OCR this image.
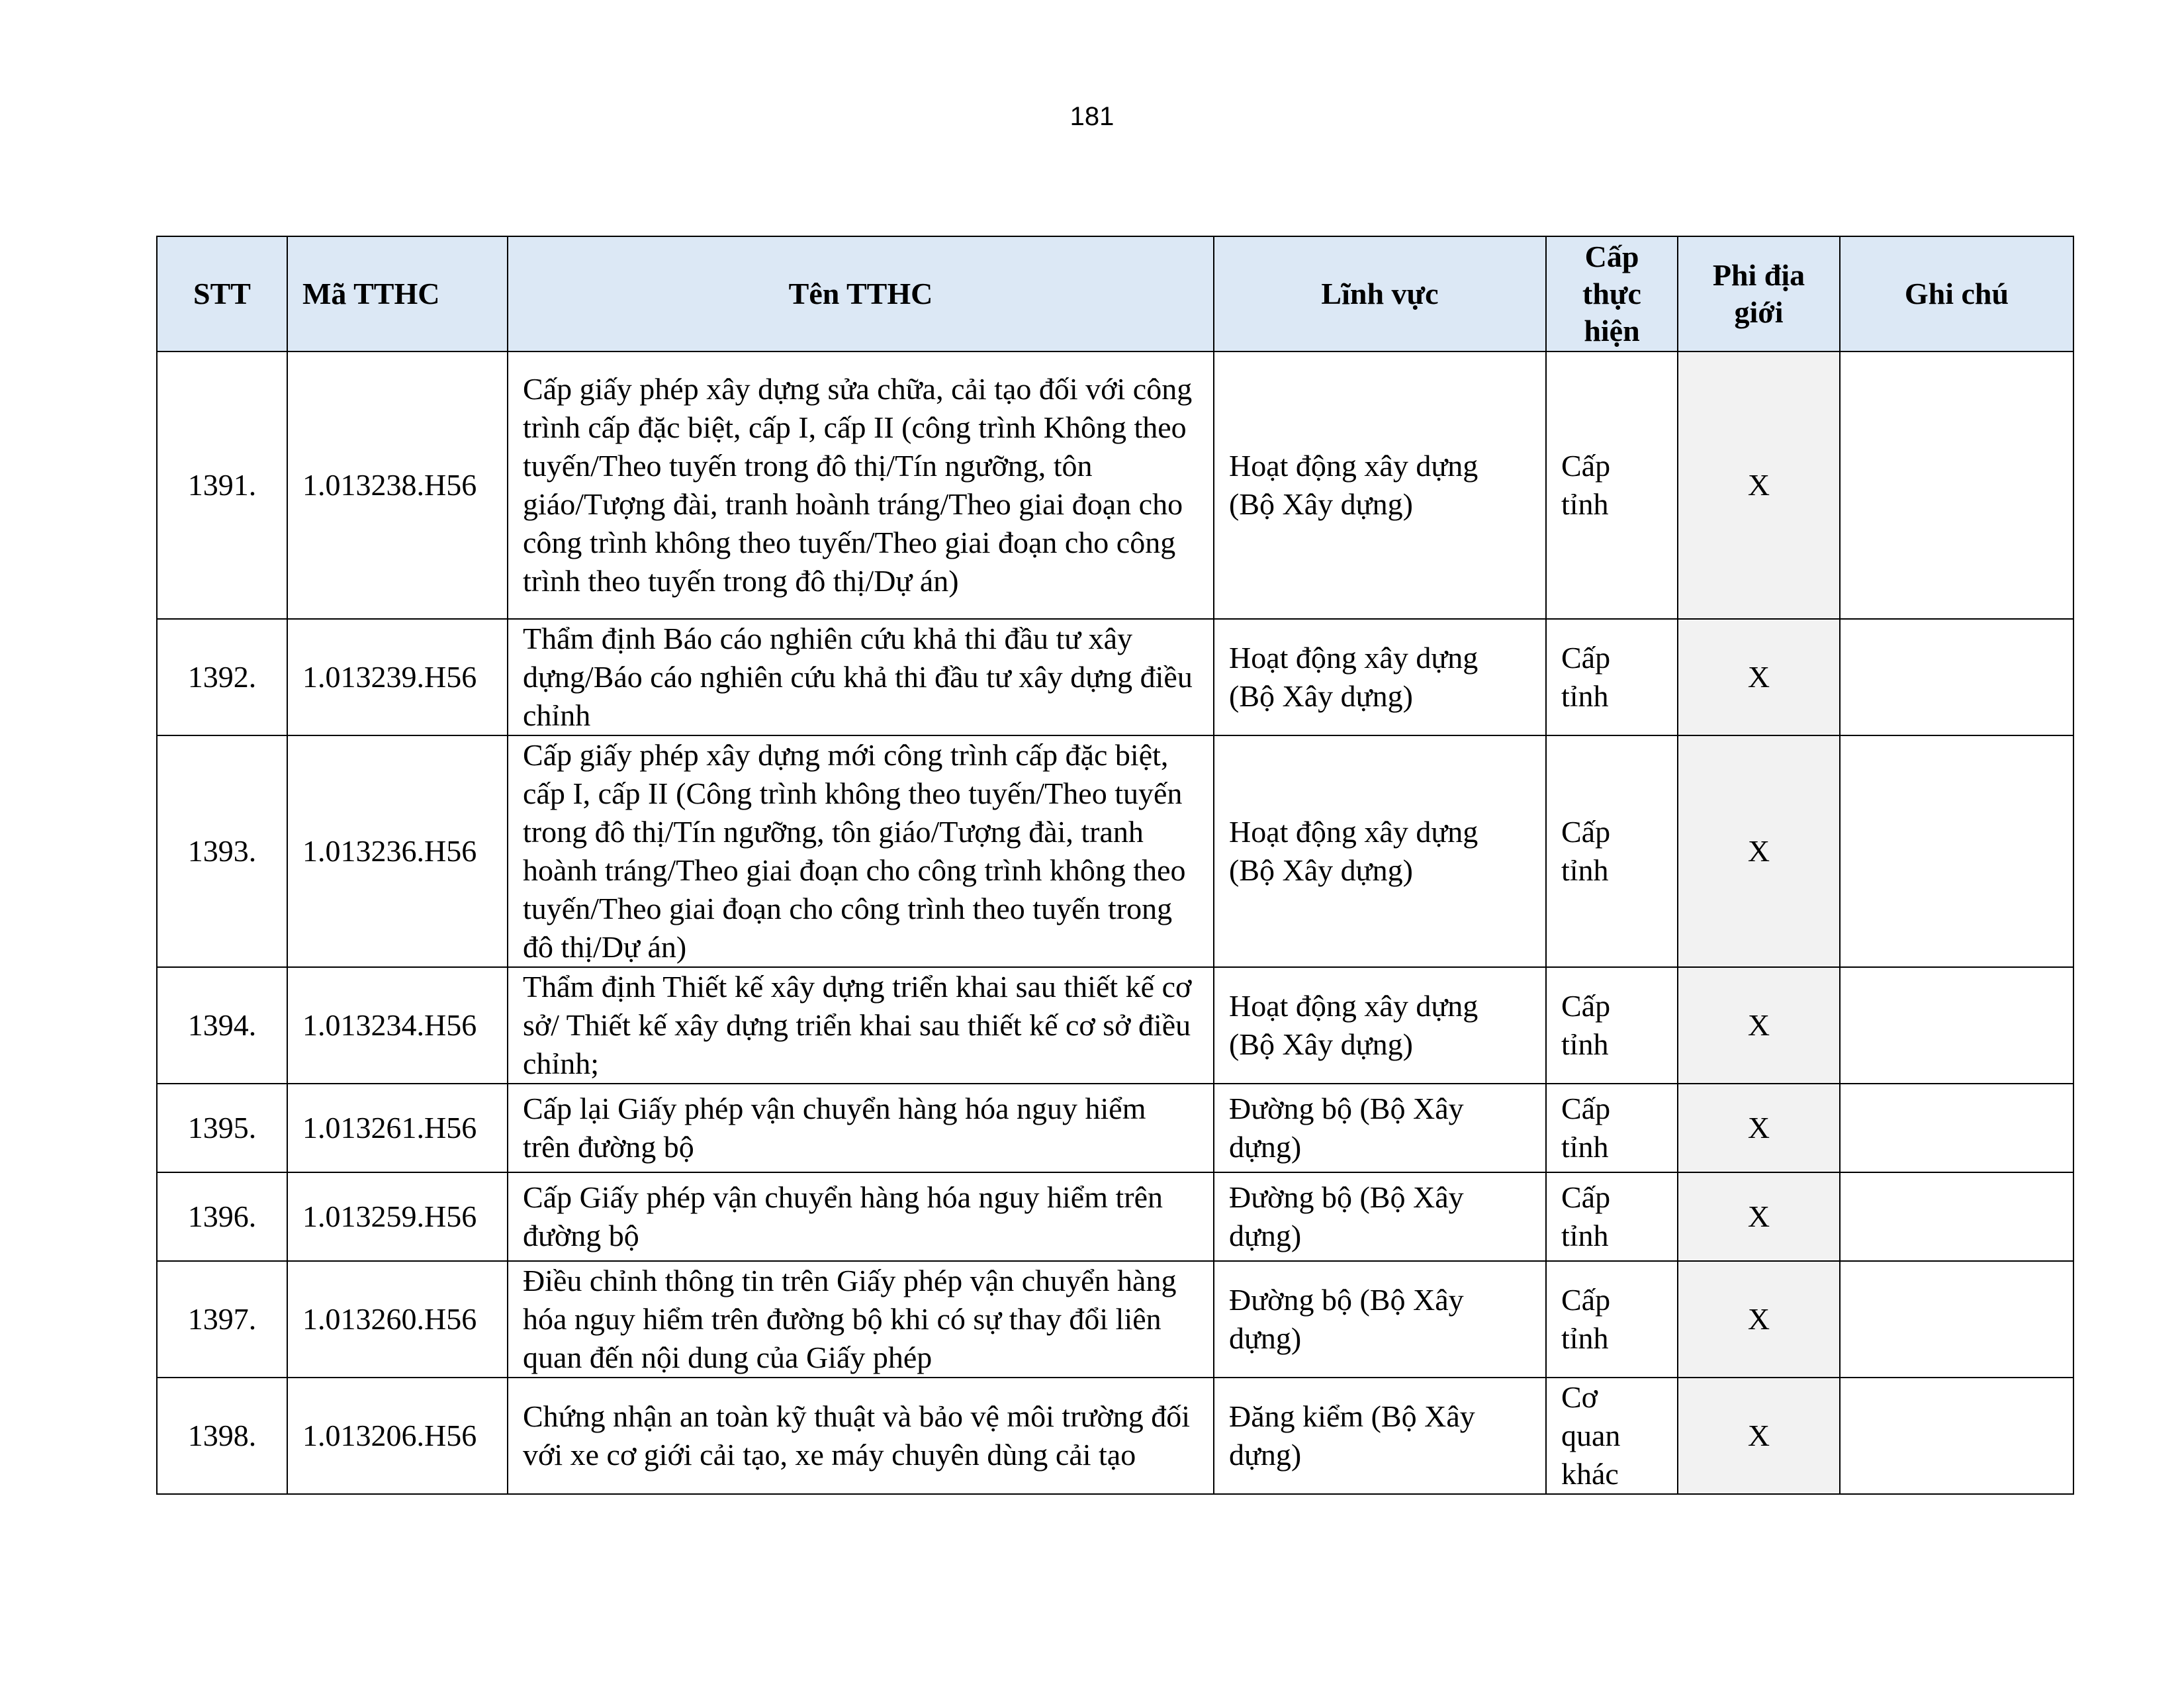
181
STT	Mã TTHC	Tên TTHC	Lĩnh vực	Cấp thực hiện	Phi địa giới	Ghi chú
1391.	1.013238.H56	Cấp giấy phép xây dựng sửa chữa, cải tạo đối với công trình cấp đặc biệt, cấp I, cấp II (công trình Không theo tuyến/Theo tuyến trong đô thị/Tín ngưỡng, tôn giáo/Tượng đài, tranh hoành tráng/Theo giai đoạn cho công trình không theo tuyến/Theo giai đoạn cho công trình theo tuyến trong đô thị/Dự án)	Hoạt động xây dựng (Bộ Xây dựng)	Cấp tỉnh	X	
1392.	1.013239.H56	Thẩm định Báo cáo nghiên cứu khả thi đầu tư xây dựng/Báo cáo nghiên cứu khả thi đầu tư xây dựng điều chỉnh	Hoạt động xây dựng (Bộ Xây dựng)	Cấp tỉnh	X	
1393.	1.013236.H56	Cấp giấy phép xây dựng mới công trình cấp đặc biệt, cấp I, cấp II (Công trình không theo tuyến/Theo tuyến trong đô thị/Tín ngưỡng, tôn giáo/Tượng đài, tranh hoành tráng/Theo giai đoạn cho công trình không theo tuyến/Theo giai đoạn cho công trình theo tuyến trong đô thị/Dự án)	Hoạt động xây dựng (Bộ Xây dựng)	Cấp tỉnh	X	
1394.	1.013234.H56	Thẩm định Thiết kế xây dựng triển khai sau thiết kế cơ sở/ Thiết kế xây dựng triển khai sau thiết kế cơ sở điều chỉnh;	Hoạt động xây dựng (Bộ Xây dựng)	Cấp tỉnh	X	
1395.	1.013261.H56	Cấp lại Giấy phép vận chuyển hàng hóa nguy hiểm trên đường bộ	Đường bộ (Bộ Xây dựng)	Cấp tỉnh	X	
1396.	1.013259.H56	Cấp Giấy phép vận chuyển hàng hóa nguy hiểm trên đường bộ	Đường bộ (Bộ Xây dựng)	Cấp tỉnh	X	
1397.	1.013260.H56	Điều chỉnh thông tin trên Giấy phép vận chuyển hàng hóa nguy hiểm trên đường bộ khi có sự thay đổi liên quan đến nội dung của Giấy phép	Đường bộ (Bộ Xây dựng)	Cấp tỉnh	X	
1398.	1.013206.H56	Chứng nhận an toàn kỹ thuật và bảo vệ môi trường đối với xe cơ giới cải tạo, xe máy chuyên dùng cải tạo	Đăng kiểm (Bộ Xây dựng)	Cơ quan khác	X	
